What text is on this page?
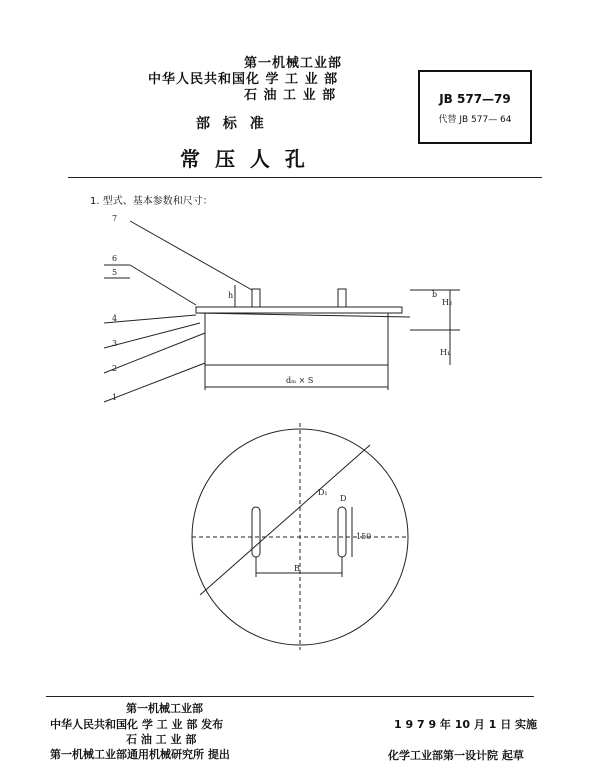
第一机械工业部
中华人民共和国化 学 工 业 部
石 油 工 业 部
部 标 准
常 压 人 孔
JB 577—79
代替 JB 577— 64
1. 型式、基本参数和尺寸：
7
6
5
4
3
2
1
dₘ × S
h
H₁
H₂
b
D₁
D
150
B
第一机械工业部
中华人民共和国化 学 工 业 部 发布
石 油 工 业 部
第一机械工业部通用机械研究所 提出
1 9 7 9 年 10 月 1 日 实施
化学工业部第一设计院 起草
